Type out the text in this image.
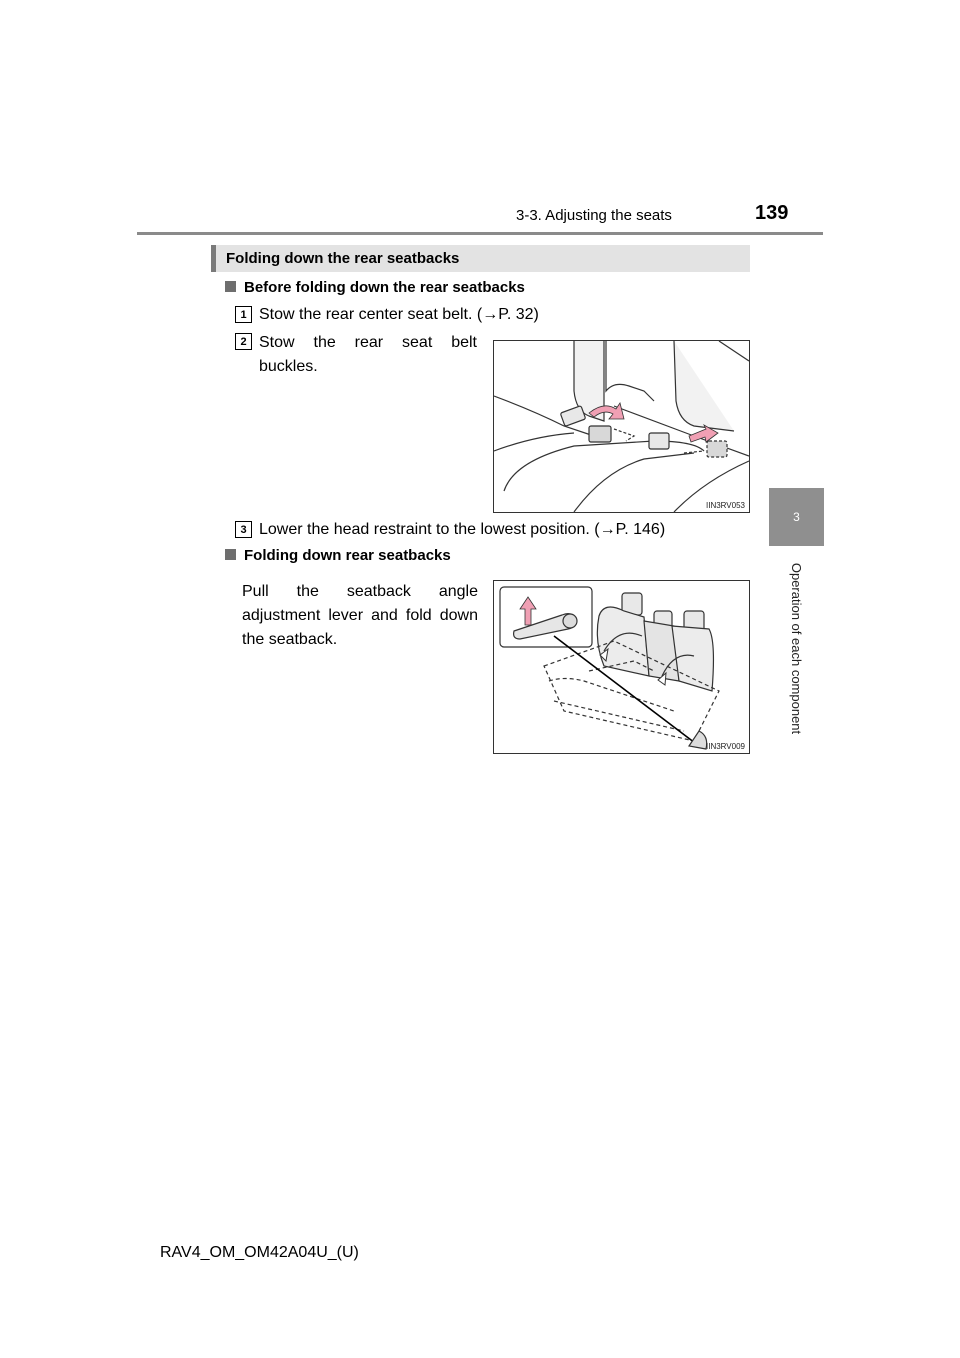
3-3. Adjusting the seats	139
3
Operation of each component
Folding down the rear seatbacks
Before folding down the rear seatbacks
1 Stow the rear center seat belt. (→P. 32)
2 Stow the rear seat belt buckles.
IIN3RV053
3 Lower the head restraint to the lowest position. (→P. 146)
Folding down rear seatbacks
Pull the seatback angle adjustment lever and fold down the seatback.
IIN3RV009
RAV4_OM_OM42A04U_(U)
